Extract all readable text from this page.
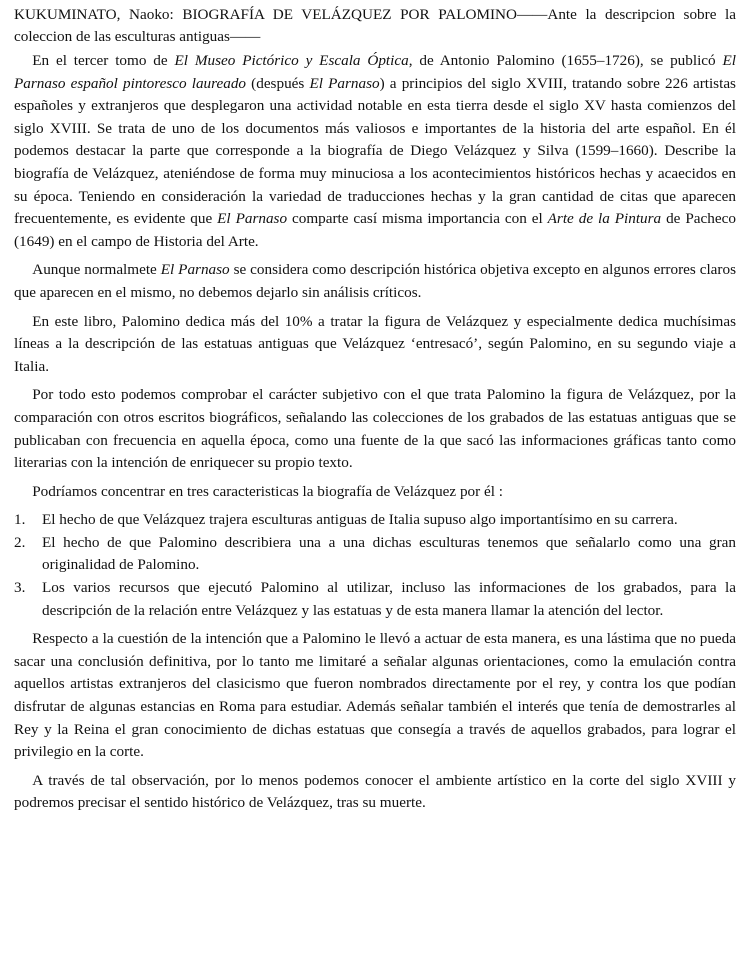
KUKUMINATO, Naoko: BIOGRAFÍA DE VELÁZQUEZ POR PALOMINO——Ante la descripcion sobre la coleccion de las esculturas antiguas——

En el tercer tomo de El Museo Pictórico y Escala Óptica, de Antonio Palomino (1655–1726), se publicó El Parnaso español pintoresco laureado (después El Parnaso) a principios del siglo XVIII, tratando sobre 226 artistas españoles y extranjeros que desplegaron una actividad notable en esta tierra desde el siglo XV hasta comienzos del siglo XVIII. Se trata de uno de los documentos más valiosos e importantes de la historia del arte español. En él podemos destacar la parte que corresponde a la biografía de Diego Velázquez y Silva (1599–1660). Describe la biografía de Velázquez, ateniéndose de forma muy minuciosa a los acontecimientos históricos hechas y acaecidos en su época. Teniendo en consideración la variedad de traducciones hechas y la gran cantidad de citas que aparecen frecuentemente, es evidente que El Parnaso comparte casí misma importancia con el Arte de la Pintura de Pacheco (1649) en el campo de Historia del Arte.

Aunque normalmete El Parnaso se considera como descripción histórica objetiva excepto en algunos errores claros que aparecen en el mismo, no debemos dejarlo sin análisis críticos.

En este libro, Palomino dedica más del 10% a tratar la figura de Velázquez y especialmente dedica muchísimas líneas a la descripción de las estatuas antiguas que Velázquez ‘entresacó’, según Palomino, en su segundo viaje a Italia.

Por todo esto podemos comprobar el carácter subjetivo con el que trata Palomino la figura de Velázquez, por la comparación con otros escritos biográficos, señalando las colecciones de los grabados de las estatuas antiguas que se publicaban con frecuencia en aquella época, como una fuente de la que sacó las informaciones gráficas tanto como literarias con la intención de enriquecer su propio texto.

Podríamos concentrar en tres caracteristicas la biografía de Velázquez por él :

1.	El hecho de que Velázquez trajera esculturas antiguas de Italia supuso algo importantísimo en su carrera.
2.	El hecho de que Palomino describiera una a una dichas esculturas tenemos que señalarlo como una gran originalidad de Palomino.
3.	Los varios recursos que ejecutó Palomino al utilizar, incluso las informaciones de los grabados, para la descripción de la relación entre Velázquez y las estatuas y de esta manera llamar la atención del lector.

Respecto a la cuestión de la intención que a Palomino le llevó a actuar de esta manera, es una lástima que no pueda sacar una conclusión definitiva, por lo tanto me limitaré a señalar algunas orientaciones, como la emulación contra aquellos artistas extranjeros del clasicismo que fueron nombrados directamente por el rey, y contra los que podían disfrutar de algunas estancias en Roma para estudiar. Además señalar también el interés que tenía de demostrarles al Rey y la Reina el gran conocimiento de dichas estatuas que consegía a través de aquellos grabados, para lograr el privilegio en la corte.

A través de tal observación, por lo menos podemos conocer el ambiente artístico en la corte del siglo XVIII y podremos precisar el sentido histórico de Velázquez, tras su muerte.
